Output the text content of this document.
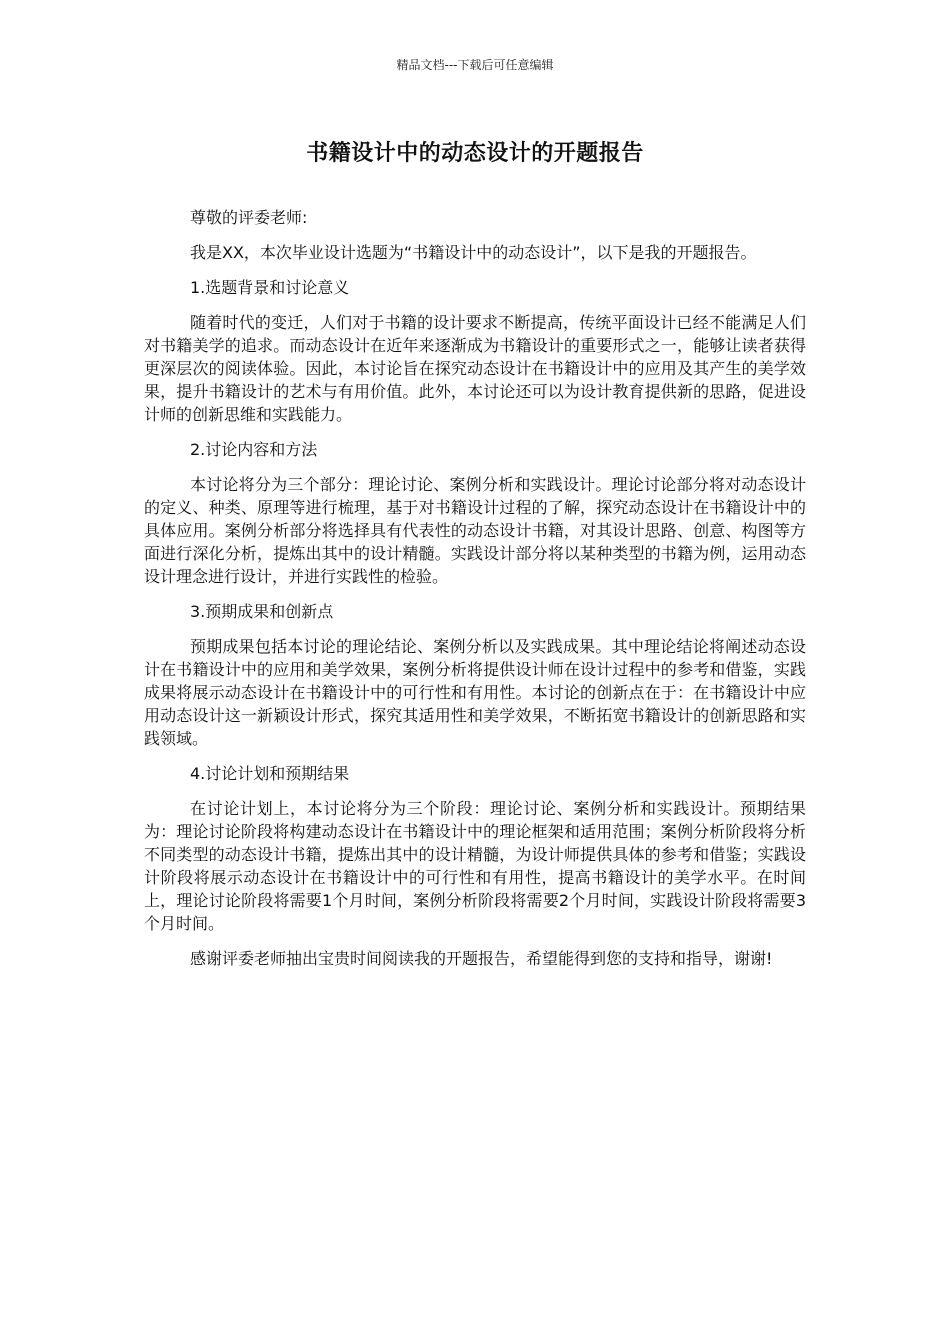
精品文档---下载后可任意编辑
书籍设计中的动态设计的开题报告

尊敬的评委老师:

我是XX，本次毕业设计选题为“书籍设计中的动态设计”，以下是我的开题报告。

1.选题背景和讨论意义

随着时代的变迁，人们对于书籍的设计要求不断提高，传统平面设计已经不能满足人们对书籍美学的追求。而动态设计在近年来逐渐成为书籍设计的重要形式之一，能够让读者获得更深层次的阅读体验。因此，本讨论旨在探究动态设计在书籍设计中的应用及其产生的美学效果，提升书籍设计的艺术与有用价值。此外，本讨论还可以为设计教育提供新的思路，促进设计师的创新思维和实践能力。

2.讨论内容和方法

本讨论将分为三个部分：理论讨论、案例分析和实践设计。理论讨论部分将对动态设计的定义、种类、原理等进行梳理，基于对书籍设计过程的了解，探究动态设计在书籍设计中的具体应用。案例分析部分将选择具有代表性的动态设计书籍，对其设计思路、创意、构图等方面进行深化分析，提炼出其中的设计精髓。实践设计部分将以某种类型的书籍为例，运用动态设计理念进行设计，并进行实践性的检验。

3.预期成果和创新点

预期成果包括本讨论的理论结论、案例分析以及实践成果。其中理论结论将阐述动态设计在书籍设计中的应用和美学效果，案例分析将提供设计师在设计过程中的参考和借鉴，实践成果将展示动态设计在书籍设计中的可行性和有用性。本讨论的创新点在于：在书籍设计中应用动态设计这一新颖设计形式，探究其适用性和美学效果，不断拓宽书籍设计的创新思路和实践领域。

4.讨论计划和预期结果

在讨论计划上，本讨论将分为三个阶段：理论讨论、案例分析和实践设计。预期结果为：理论讨论阶段将构建动态设计在书籍设计中的理论框架和适用范围；案例分析阶段将分析不同类型的动态设计书籍，提炼出其中的设计精髓，为设计师提供具体的参考和借鉴；实践设计阶段将展示动态设计在书籍设计中的可行性和有用性，提高书籍设计的美学水平。在时间上，理论讨论阶段将需要1个月时间，案例分析阶段将需要2个月时间，实践设计阶段将需要3个月时间。

感谢评委老师抽出宝贵时间阅读我的开题报告，希望能得到您的支持和指导，谢谢!
